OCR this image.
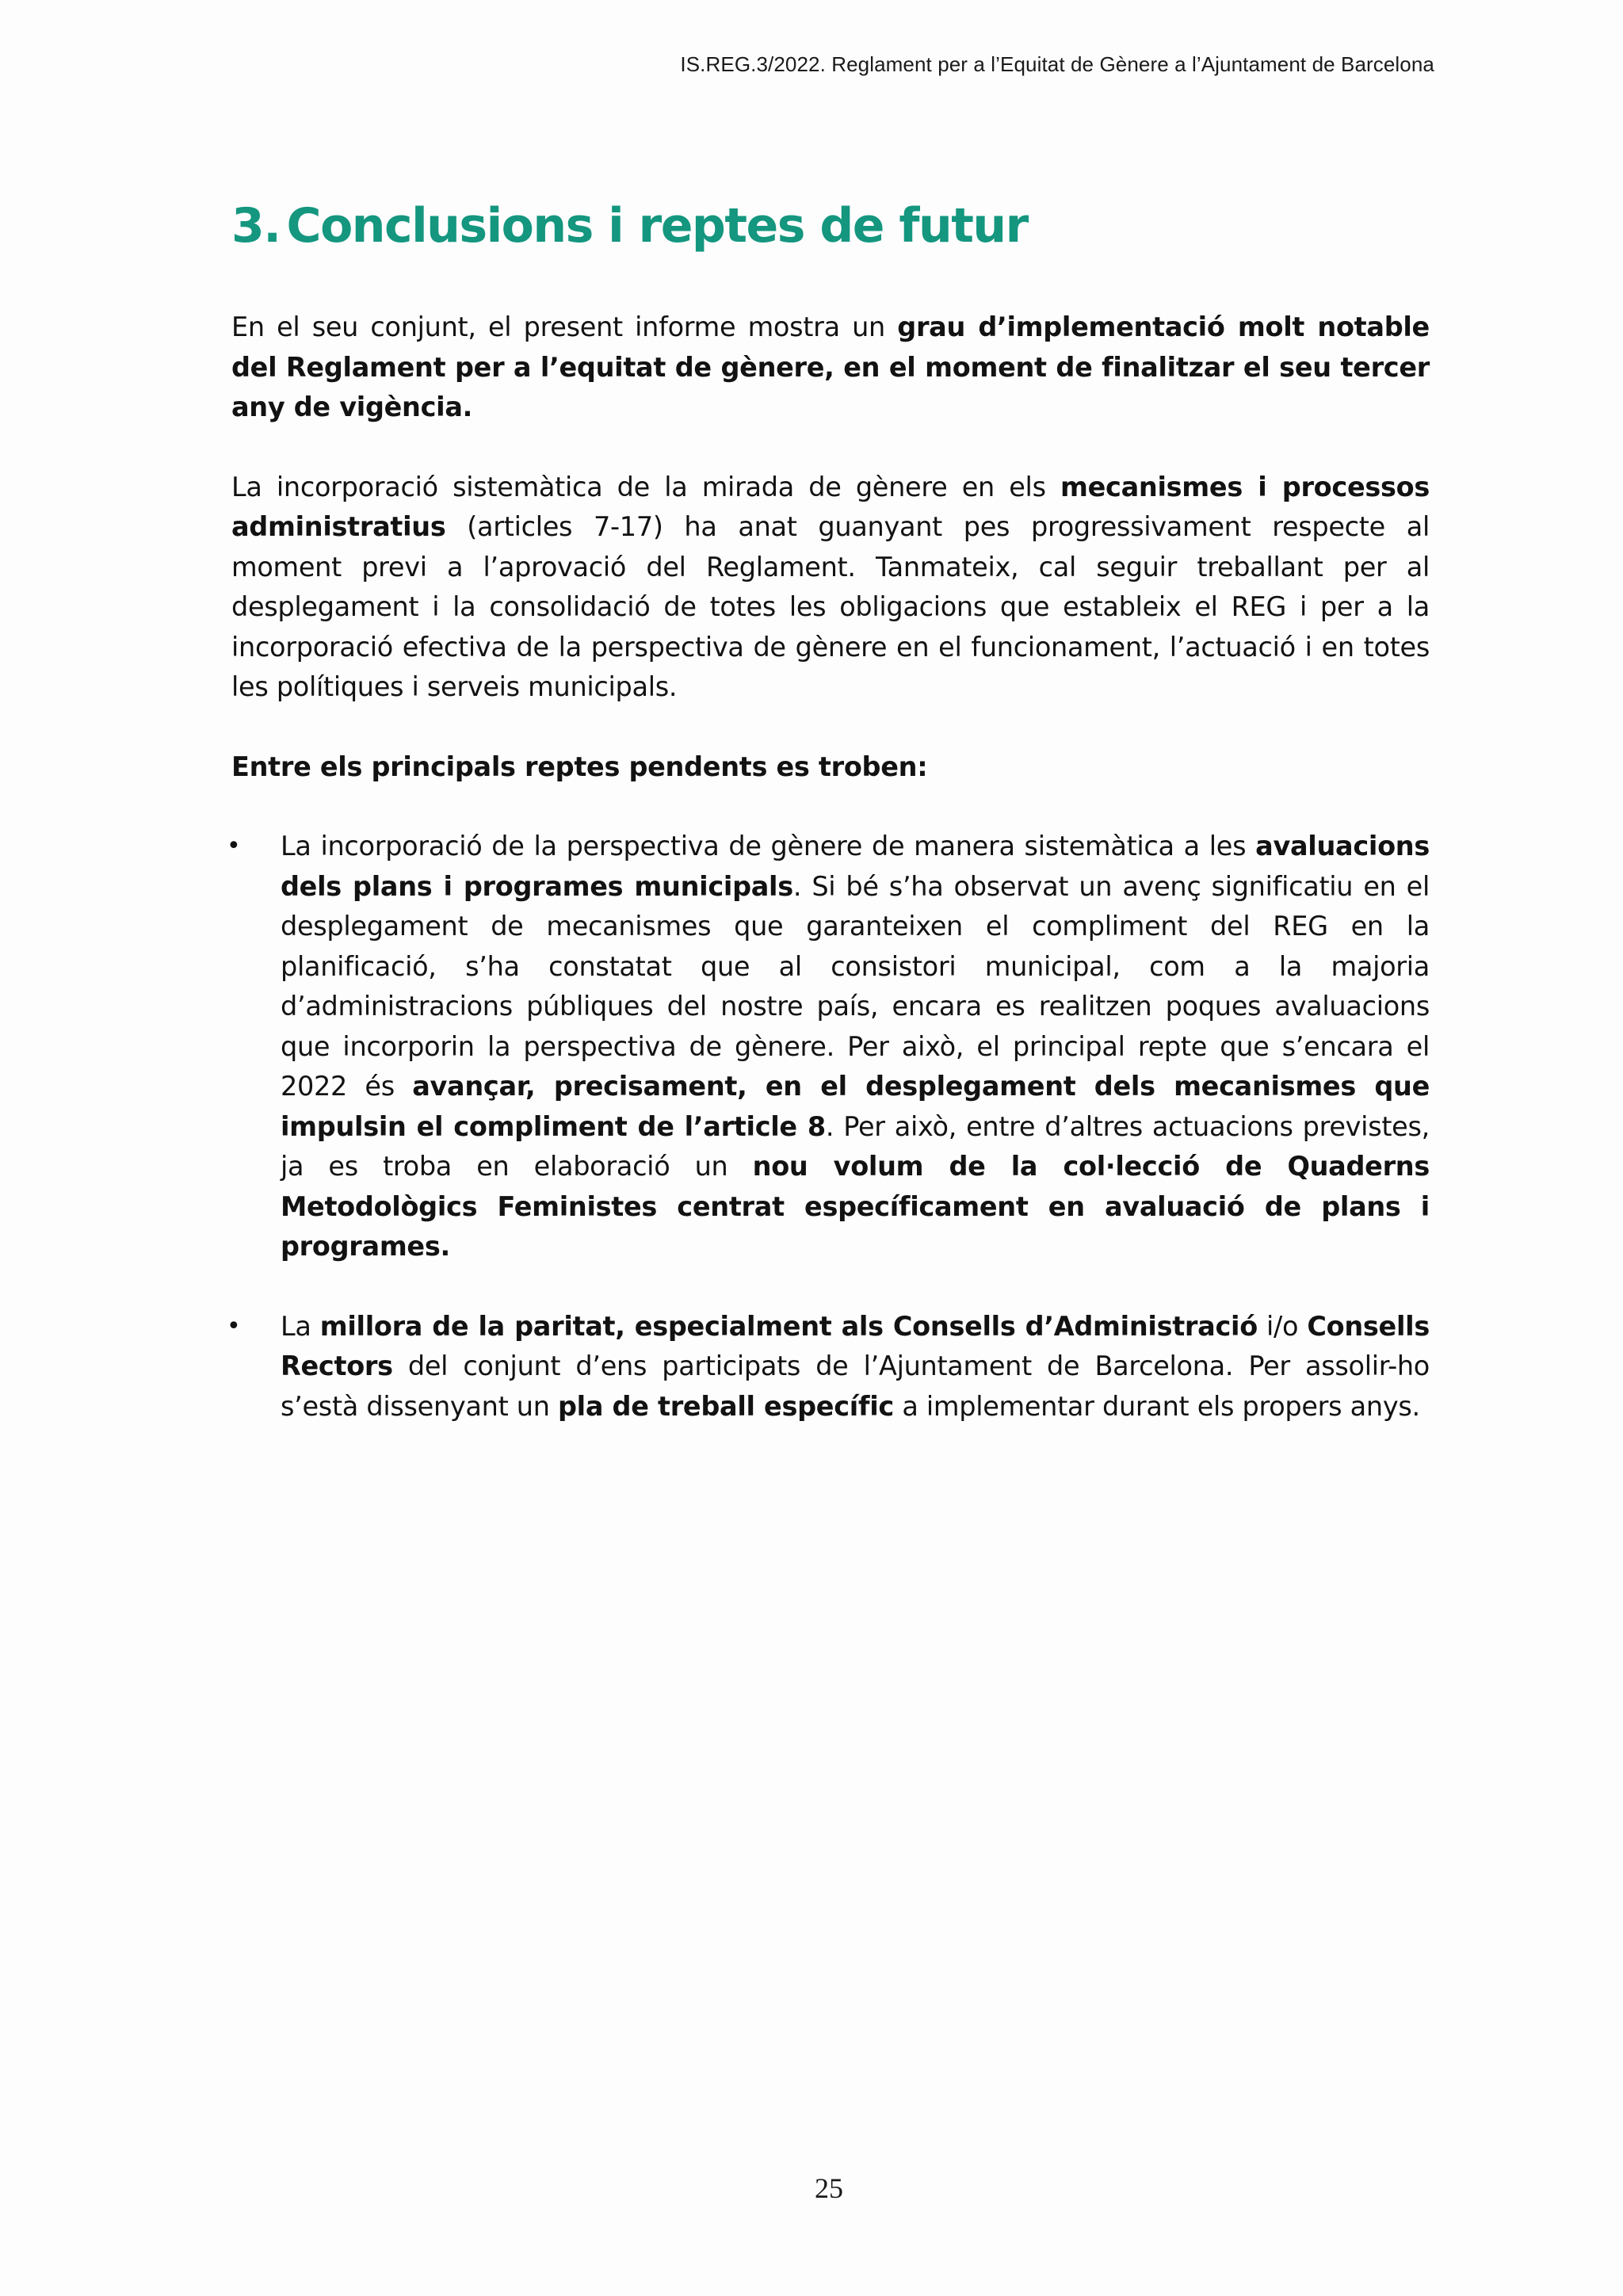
IS.REG.3/2022. Reglament per a l’Equitat de Gènere a l’Ajuntament de Barcelona
3. Conclusions i reptes de futur

En el seu conjunt, el present informe mostra un grau d’implementació molt notable del Reglament per a l’equitat de gènere, en el moment de finalitzar el seu tercer any de vigència.

La incorporació sistemàtica de la mirada de gènere en els mecanismes i processos administratius (articles 7-17) ha anat guanyant pes progressivament respecte al moment previ a l’aprovació del Reglament. Tanmateix, cal seguir treballant per al desplegament i la consolidació de totes les obligacions que estableix el REG i per a la incorporació efectiva de la perspectiva de gènere en el funcionament, l’actuació i en totes les polítiques i serveis municipals.

Entre els principals reptes pendents es troben:

• La incorporació de la perspectiva de gènere de manera sistemàtica a les avaluacions dels plans i programes municipals. Si bé s’ha observat un avenç significatiu en el desplegament de mecanismes que garanteixen el compliment del REG en la planificació, s’ha constatat que al consistori municipal, com a la majoria d’administracions públiques del nostre país, encara es realitzen poques avaluacions que incorporin la perspectiva de gènere. Per això, el principal repte que s’encara el 2022 és avançar, precisament, en el desplegament dels mecanismes que impulsin el compliment de l’article 8. Per això, entre d’altres actuacions previstes, ja es troba en elaboració un nou volum de la col·lecció de Quaderns Metodològics Feministes centrat específicament en avaluació de plans i programes.
• La millora de la paritat, especialment als Consells d’Administració i/o Consells Rectors del conjunt d’ens participats de l’Ajuntament de Barcelona. Per assolir-ho s’està dissenyant un pla de treball específic a implementar durant els propers anys.
25
